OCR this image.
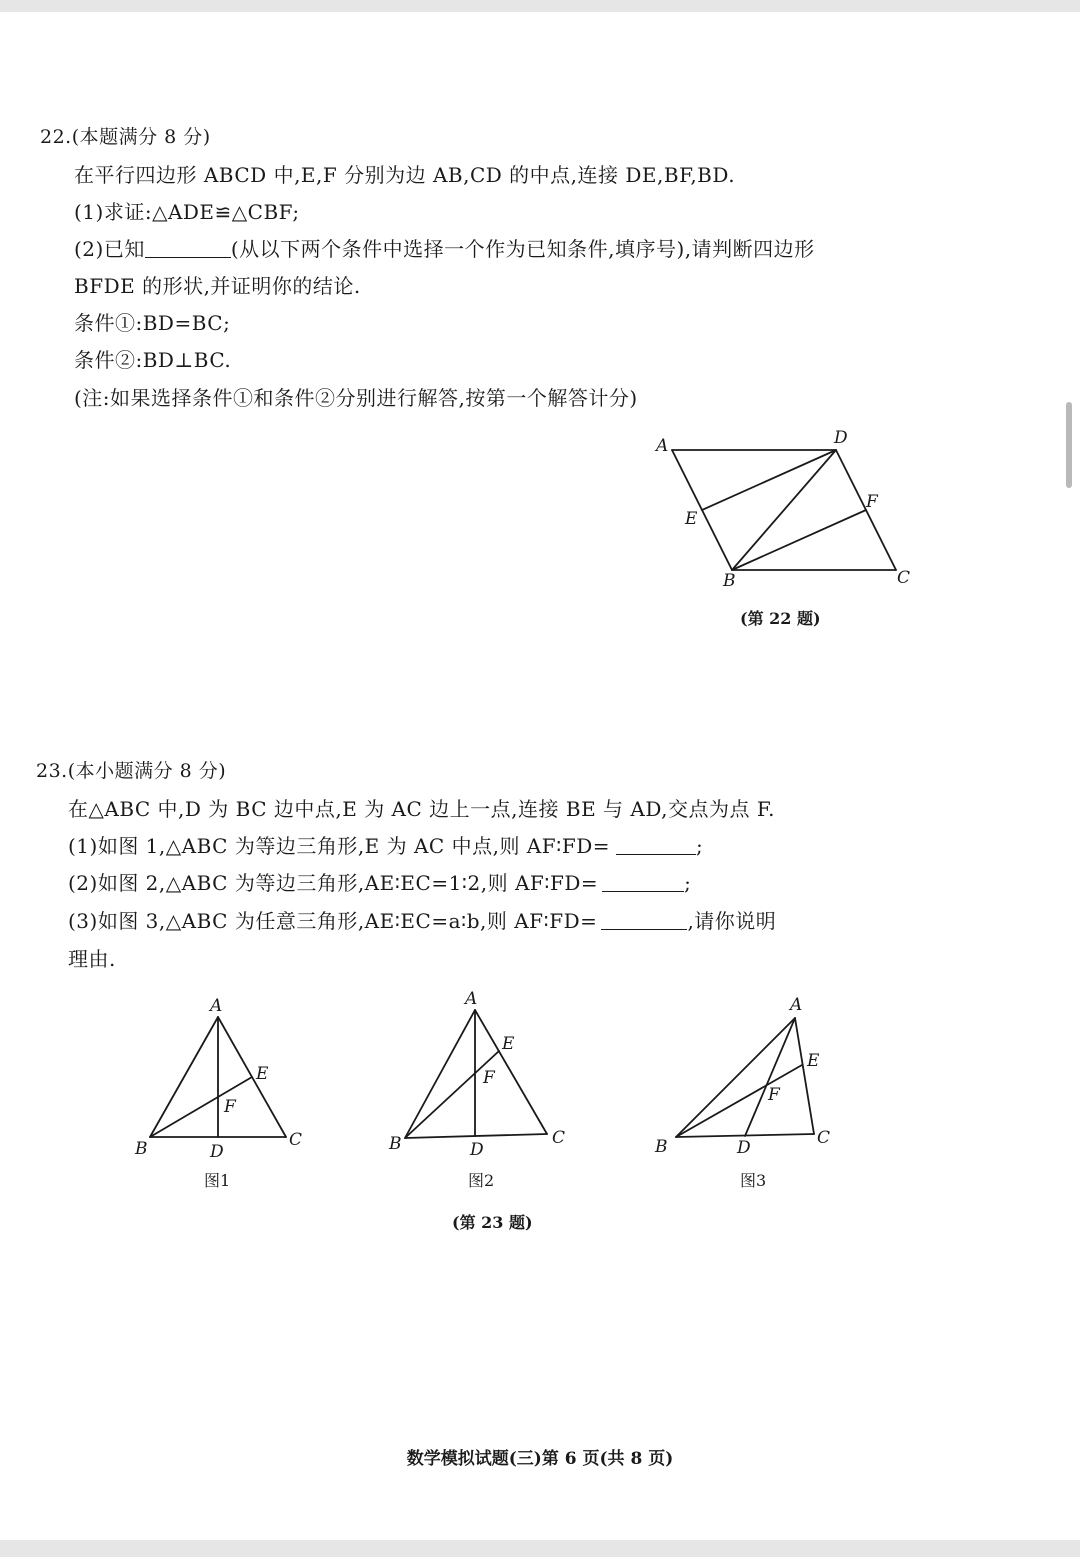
22.(本题满分 8 分)
在平行四边形 ABCD 中,E,F 分别为边 AB,CD 的中点,连接 DE,BF,BD.
(1)求证:△ADE≌△CBF;
(2)已知	(从以下两个条件中选择一个作为已知条件,填序号),请判断四边形
BFDE 的形状,并证明你的结论.
条件①:BD=BC;
条件②:BD⊥BC.
(注:如果选择条件①和条件②分别进行解答,按第一个解答计分)
A	D
F
E
B	C
(第 22 题)
23.(本小题满分 8 分)
在△ABC 中,D 为 BC 边中点,E 为 AC 边上一点,连接 BE 与 AD,交点为点 F.
(1)如图 1,△ABC 为等边三角形,E 为 AC 中点,则 AF∶FD=	;
(2)如图 2,△ABC 为等边三角形,AE∶EC=1∶2,则 AF∶FD=	;
(3)如图 3,△ABC 为任意三角形,AE∶EC=a∶b,则 AF∶FD=	,请你说明
理由.
A
E
F
B	D
C
图1
A
E
F
B	D
C
图2
A
E
F
B	D	C
图3
(第 23 题)
数学模拟试题(三)第 6 页(共 8 页)
